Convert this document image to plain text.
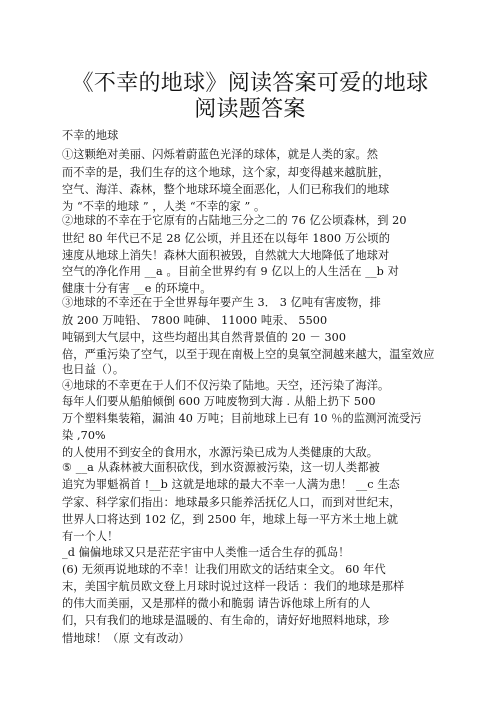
《不幸的地球》阅读答案可爱的地球
阅读题答案
不幸的地球
①这颗绝对美丽、闪烁着蔚蓝色光泽的球体，就是人类的家。然
而不幸的是，我们生存的这个地球，这个家，却变得越来越肮脏，
空气、海洋、森林，整个地球环境全面恶化，人们已称我们的地球
为 “不幸的地球 ” ，人类 “不幸的家 ” 。
②地球的不幸在于它原有的占陆地三分之二的 76 亿公顷森林，到 20
世纪 80 年代已不足 28 亿公顷，并且还在以每年 1800 万公顷的
速度从地球上消失！森林大面积被毁，自然就大大地降低了地球对
空气的净化作用 __a 。目前全世界约有 9 亿以上的人生活在 __b 对
健康十分有害 __e 的环境中。
③地球的不幸还在于全世界每年要产生 3． 3 亿吨有害废物，排
放 200 万吨铅、 7800 吨砷、 11000 吨汞、 5500
吨镉到大气层中，这些均超出其自然背景值的 20 － 300
倍，严重污染了空气，以至于现在南极上空的臭氧空洞越来越大，温室效应
也日益（）。
④地球的不幸更在于人们不仅污染了陆地。天空，还污染了海洋。
每年人们要从船舶倾倒 600 万吨废物到大海 . 从船上扔下 500
万个塑料集装箱，漏油 40 万吨；目前地球上已有 10 ％的监测河流受污
染 ,70%
的人使用不到安全的食用水，水源污染已成为人类健康的大敌。
⑤ __a 从森林被大面积砍伐，到水资源被污染，这一切人类都被
追究为罪魁祸首 !__b 这就是地球的最大不幸一人满为患！ __c 生态
学家、科学家们指出：地球最多只能养活抚亿人口，而到对世纪末，
世界人口将达到 102 亿，到 2500 年，地球上每一平方米土地上就
有一个人！
_d 偏偏地球又只是茫茫宇宙中人类惟一适合生存的孤岛！
(6) 无须再说地球的不幸！让我们用欧文的话结束全文。 60 年代
末，美国宇航员欧文登上月球时说过这样一段话 ：我们的地球是那样
的伟大而美丽，又是那样的微小和脆弱 请告诉他球上所有的人
们，只有我们的地球是温暖的、有生命的，请好好地照料地球，珍
惜地球！（原 文有改动）
